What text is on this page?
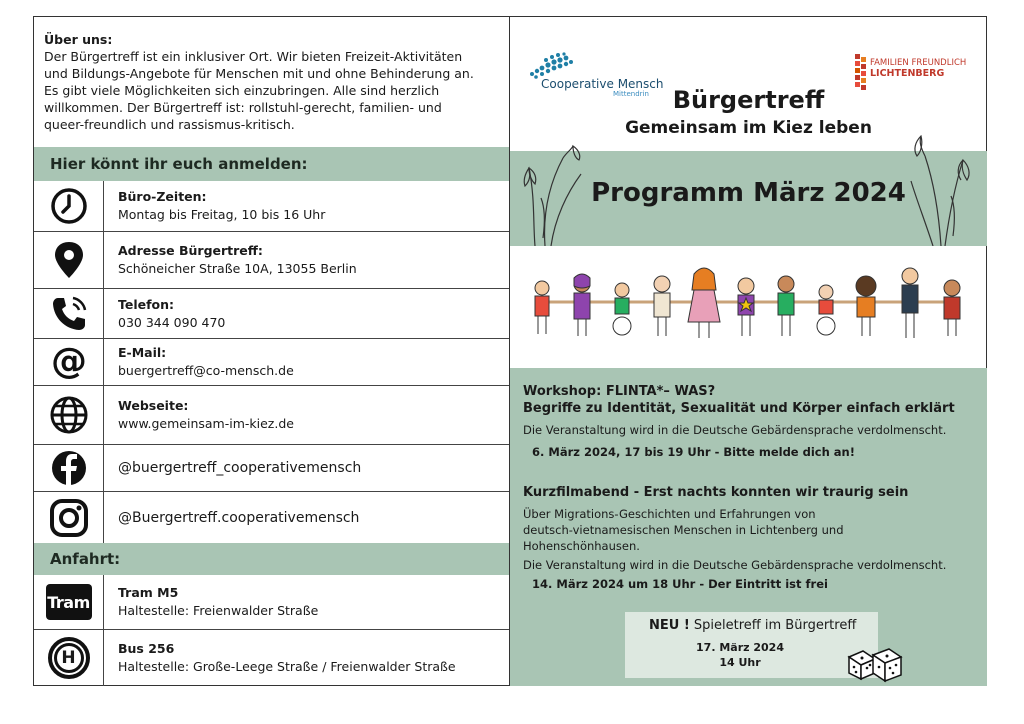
Über uns:
Der Bürgertreff ist ein inklusiver Ort. Wir bieten Freizeit-Aktivitäten
und Bildungs-Angebote für Menschen mit und ohne Behinderung an.
Es gibt viele Möglichkeiten sich einzubringen. Alle sind herzlich
willkommen. Der Bürgertreff ist: rollstuhl-gerecht, familien- und
queer-freundlich und rassismus-kritisch.
Hier könnt ihr euch anmelden:
Büro-Zeiten:
Montag bis Freitag, 10 bis 16 Uhr
Adresse Bürgertreff:
Schöneicher Straße 10A, 13055 Berlin
Telefon:
030 344 090 470
@	E-Mail:
buergertreff@co-mensch.de
Webseite:
www.gemeinsam-im-kiez.de
@buergertreff_cooperativemensch
@Buergertreff.cooperativemensch
Anfahrt:
Tram Tram M5
Haltestelle: Freienwalder Straße
H	Bus 256
Haltestelle: Große-Leege Straße / Freienwalder Straße
Cooperative Mensch
Mittendrin
FAMILIEN FREUNDLICH
LICHTENBERG
Bürgertreff
Gemeinsam im Kiez leben
Programm März 2024
Workshop: FLINTA*– WAS?
Begriffe zu Identität, Sexualität und Körper einfach erklärt
Die Veranstaltung wird in die Deutsche Gebärdensprache verdolmenscht.
6. März 2024, 17 bis 19 Uhr - Bitte melde dich an!
Kurzfilmabend - Erst nachts konnten wir traurig sein
Über Migrations-Geschichten und Erfahrungen von
deutsch-vietnamesischen Menschen in Lichtenberg und
Hohenschönhausen.
Die Veranstaltung wird in die Deutsche Gebärdensprache verdolmenscht.
14. März 2024 um 18 Uhr - Der Eintritt ist frei
NEU ! Spieletreff im Bürgertreff
17. März 2024
14 Uhr
